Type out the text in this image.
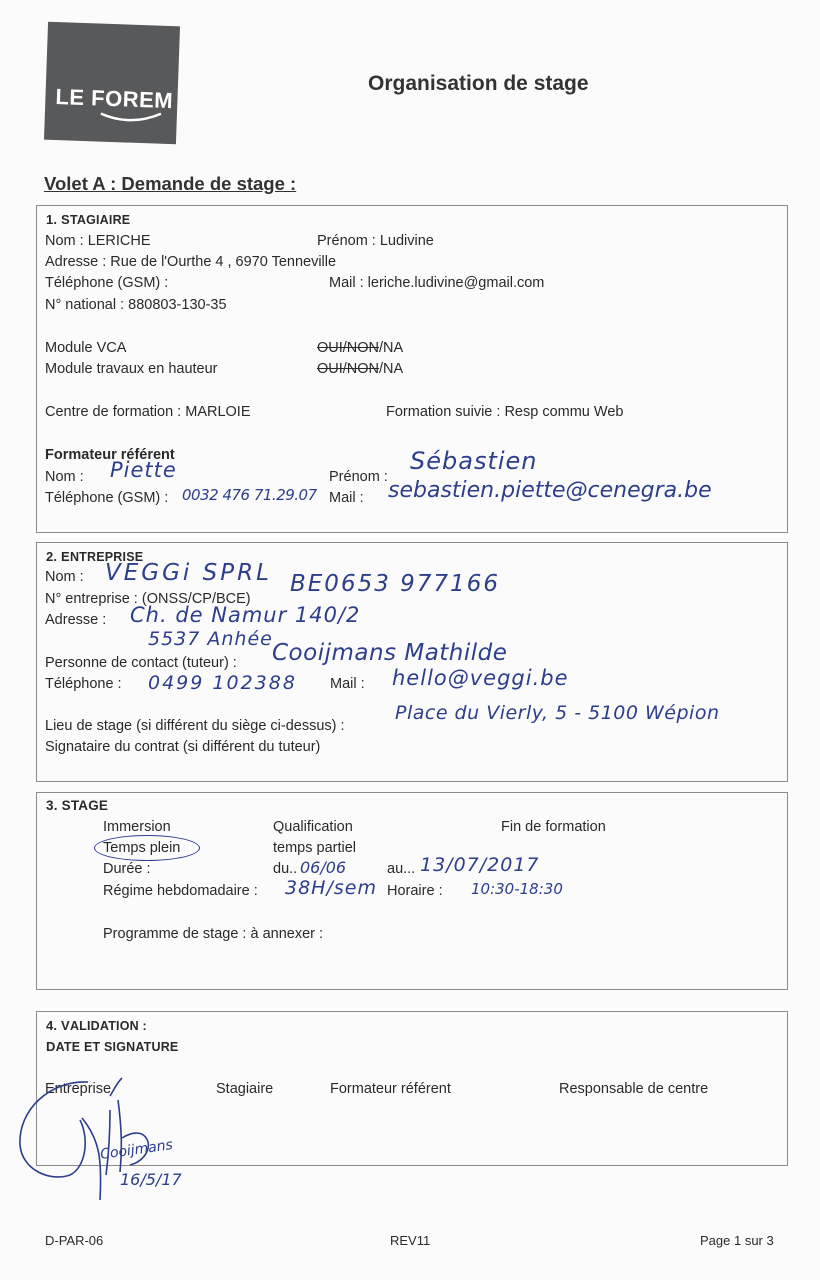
LE FOREM
Organisation de stage
Volet A : Demande de stage :
1. STAGIAIRE
Nom : LERICHE	Prénom : Ludivine
Adresse : Rue de l'Ourthe 4 , 6970 Tenneville
Téléphone (GSM) :	Mail : leriche.ludivine@gmail.com
N° national : 880803-130-35
Module VCA	OUI/NON/NA
Module travaux en hauteur	OUI/NON/NA
Centre de formation : MARLOIE	Formation suivie : Resp commu Web
Formateur référent
Nom : Piette	Prénom :
Sébastien
Téléphone (GSM) : 0032 476 71.29.07 Mail : sebastien.piette@cenegra.be
2. ENTREPRISE
Nom : VEGGi SPRL
N° entreprise : (ONSS/CP/BCE)
BE0653 977166
Adresse : Ch. de Namur 140/2
5537 Anhée
Personne de contact (tuteur) : Cooijmans Mathilde
Téléphone : 0499 102388 Mail : hello@veggi.be
Lieu de stage (si différent du siège ci-dessus) :
Place du Vierly, 5 - 5100 Wépion
Signataire du contrat (si différent du tuteur)
3. STAGE
Immersion	Qualification	Fin de formation
Temps plein	temps partiel
Durée :	du.. 06/06	au... 13/07/2017
Régime hebdomadaire : 38H/sem Horaire : 10:30-18:30
Programme de stage : à annexer :
4. VALIDATION :
DATE ET SIGNATURE
Entreprise	Stagiaire	Formateur référent	Responsable de centre
Cooijmans
16/5/17
D-PAR-06	REV11	Page 1 sur 3
